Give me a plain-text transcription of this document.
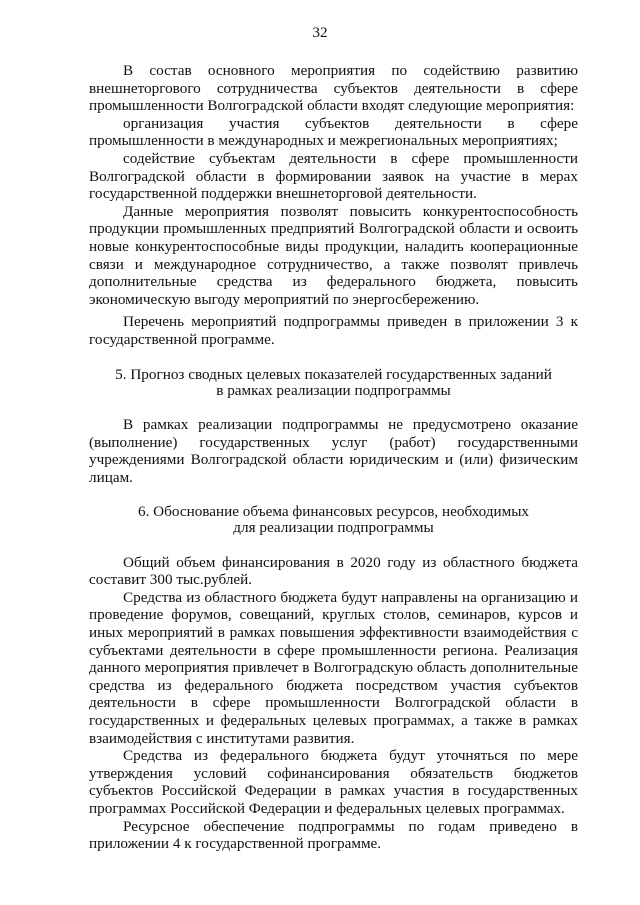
32

В состав основного мероприятия по содействию развитию внешнеторгового сотрудничества субъектов деятельности в сфере промышленности Волгоградской области входят следующие мероприятия:

организация участия субъектов деятельности в сфере промышленности в международных и межрегиональных мероприятиях;

содействие субъектам деятельности в сфере промышленности Волгоградской области в формировании заявок на участие в мерах государственной поддержки внешнеторговой деятельности.

Данные мероприятия позволят повысить конкурентоспособность продукции промышленных предприятий Волгоградской области и освоить новые конкурентоспособные виды продукции, наладить кооперационные связи и международное сотрудничество, а также позволят привлечь дополнительные средства из федерального бюджета, повысить экономическую выгоду мероприятий по энергосбережению.

Перечень мероприятий подпрограммы приведен в приложении 3 к государственной программе.

5. Прогноз сводных целевых показателей государственных заданий
в рамках реализации подпрограммы

В рамках реализации подпрограммы не предусмотрено оказание (выполнение) государственных услуг (работ) государственными учреждениями Волгоградской области юридическим и (или) физическим лицам.

6. Обоснование объема финансовых ресурсов, необходимых
для реализации подпрограммы

Общий объем финансирования в 2020 году из областного бюджета составит 300 тыс.рублей.

Средства из областного бюджета будут направлены на организацию и проведение форумов, совещаний, круглых столов, семинаров, курсов и иных мероприятий в рамках повышения эффективности взаимодействия с субъектами деятельности в сфере промышленности региона. Реализация данного мероприятия привлечет в Волгоградскую область дополнительные средства из федерального бюджета посредством участия субъектов деятельности в сфере промышленности Волгоградской области в государственных и федеральных целевых программах, а также в рамках взаимодействия с институтами развития.

Средства из федерального бюджета будут уточняться по мере утверждения условий софинансирования обязательств бюджетов субъектов Российской Федерации в рамках участия в государственных программах Российской Федерации и федеральных целевых программах.

Ресурсное обеспечение подпрограммы по годам приведено в приложении 4 к государственной программе.
